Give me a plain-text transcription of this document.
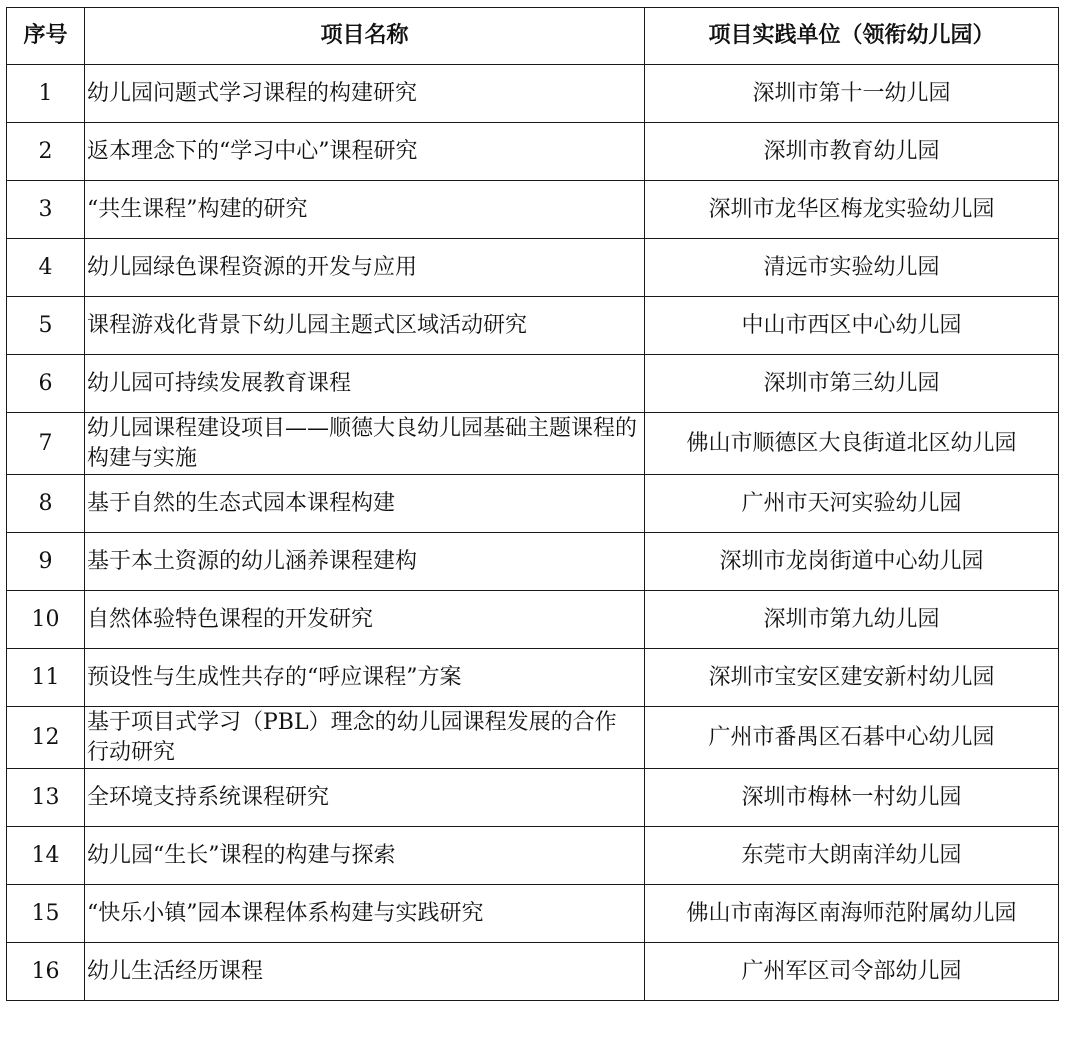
序号	项目名称	项目实践单位（领衔幼儿园）
1	幼儿园问题式学习课程的构建研究	深圳市第十一幼儿园
2	返本理念下的“学习中心”课程研究	深圳市教育幼儿园
3	“共生课程”构建的研究	深圳市龙华区梅龙实验幼儿园
4	幼儿园绿色课程资源的开发与应用	清远市实验幼儿园
5	课程游戏化背景下幼儿园主题式区域活动研究	中山市西区中心幼儿园
6	幼儿园可持续发展教育课程	深圳市第三幼儿园
7	幼儿园课程建设项目——顺德大良幼儿园基础主题课程的构建与实施	佛山市顺德区大良街道北区幼儿园
8	基于自然的生态式园本课程构建	广州市天河实验幼儿园
9	基于本土资源的幼儿涵养课程建构	深圳市龙岗街道中心幼儿园
10	自然体验特色课程的开发研究	深圳市第九幼儿园
11	预设性与生成性共存的“呼应课程”方案	深圳市宝安区建安新村幼儿园
12	基于项目式学习（PBL）理念的幼儿园课程发展的合作行动研究	广州市番禺区石碁中心幼儿园
13	全环境支持系统课程研究	深圳市梅林一村幼儿园
14	幼儿园“生长”课程的构建与探索	东莞市大朗南洋幼儿园
15	“快乐小镇”园本课程体系构建与实践研究	佛山市南海区南海师范附属幼儿园
16	幼儿生活经历课程	广州军区司令部幼儿园
